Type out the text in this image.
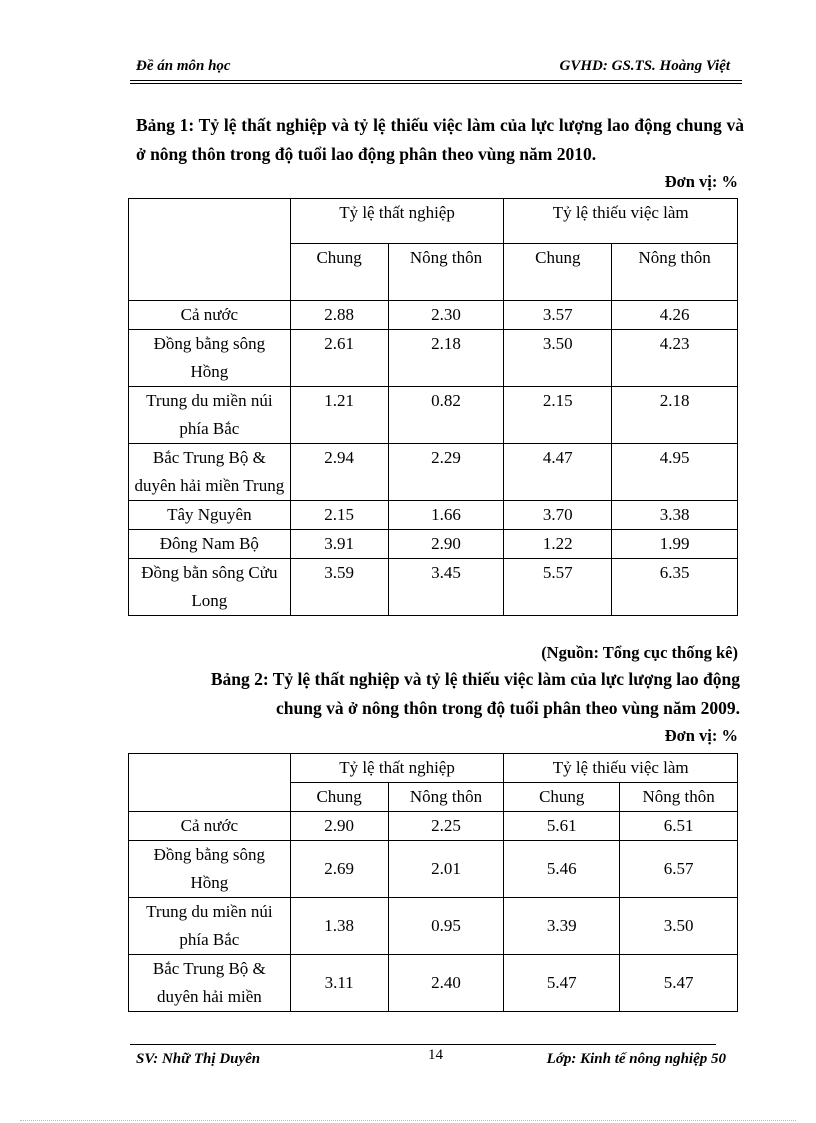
Đề án môn học	GVHD: GS.TS. Hoàng Việt
Bảng 1: Tỷ lệ thất nghiệp và tỷ lệ thiếu việc làm của lực lượng lao động chung và ở nông thôn trong độ tuổi lao động phân theo vùng năm 2010.
Đơn vị: %
	Tỷ lệ thất nghiệp		Tỷ lệ thiếu việc làm	
	Chung	Nông thôn	Chung	Nông thôn
Cả nước	2.88	2.30	3.57	4.26
Đồng bằng sông Hồng	2.61	2.18	3.50	4.23
Trung du miền núi phía Bắc	1.21	0.82	2.15	2.18
Bắc Trung Bộ & duyên hải miền Trung	2.94	2.29	4.47	4.95
Tây Nguyên	2.15	1.66	3.70	3.38
Đông Nam Bộ	3.91	2.90	1.22	1.99
Đồng bằn sông Cửu Long	3.59	3.45	5.57	6.35
(Nguồn: Tổng cục thống kê)
Bảng 2: Tỷ lệ thất nghiệp và tỷ lệ thiếu việc làm của lực lượng lao động
chung và ở nông thôn trong độ tuổi phân theo vùng năm 2009.
Đơn vị: %
	Tỷ lệ thất nghiệp		Tỷ lệ thiếu việc làm	
	Chung	Nông thôn	Chung	Nông thôn
Cả nước	2.90	2.25	5.61	6.51
Đồng bằng sông Hồng	2.69	2.01	5.46	6.57
Trung du miền núi phía Bắc	1.38	0.95	3.39	3.50
Bắc Trung Bộ & duyên hải miền	3.11	2.40	5.47	5.47
SV: Nhữ Thị Duyên	14	Lớp: Kinh tế nông nghiệp 50
